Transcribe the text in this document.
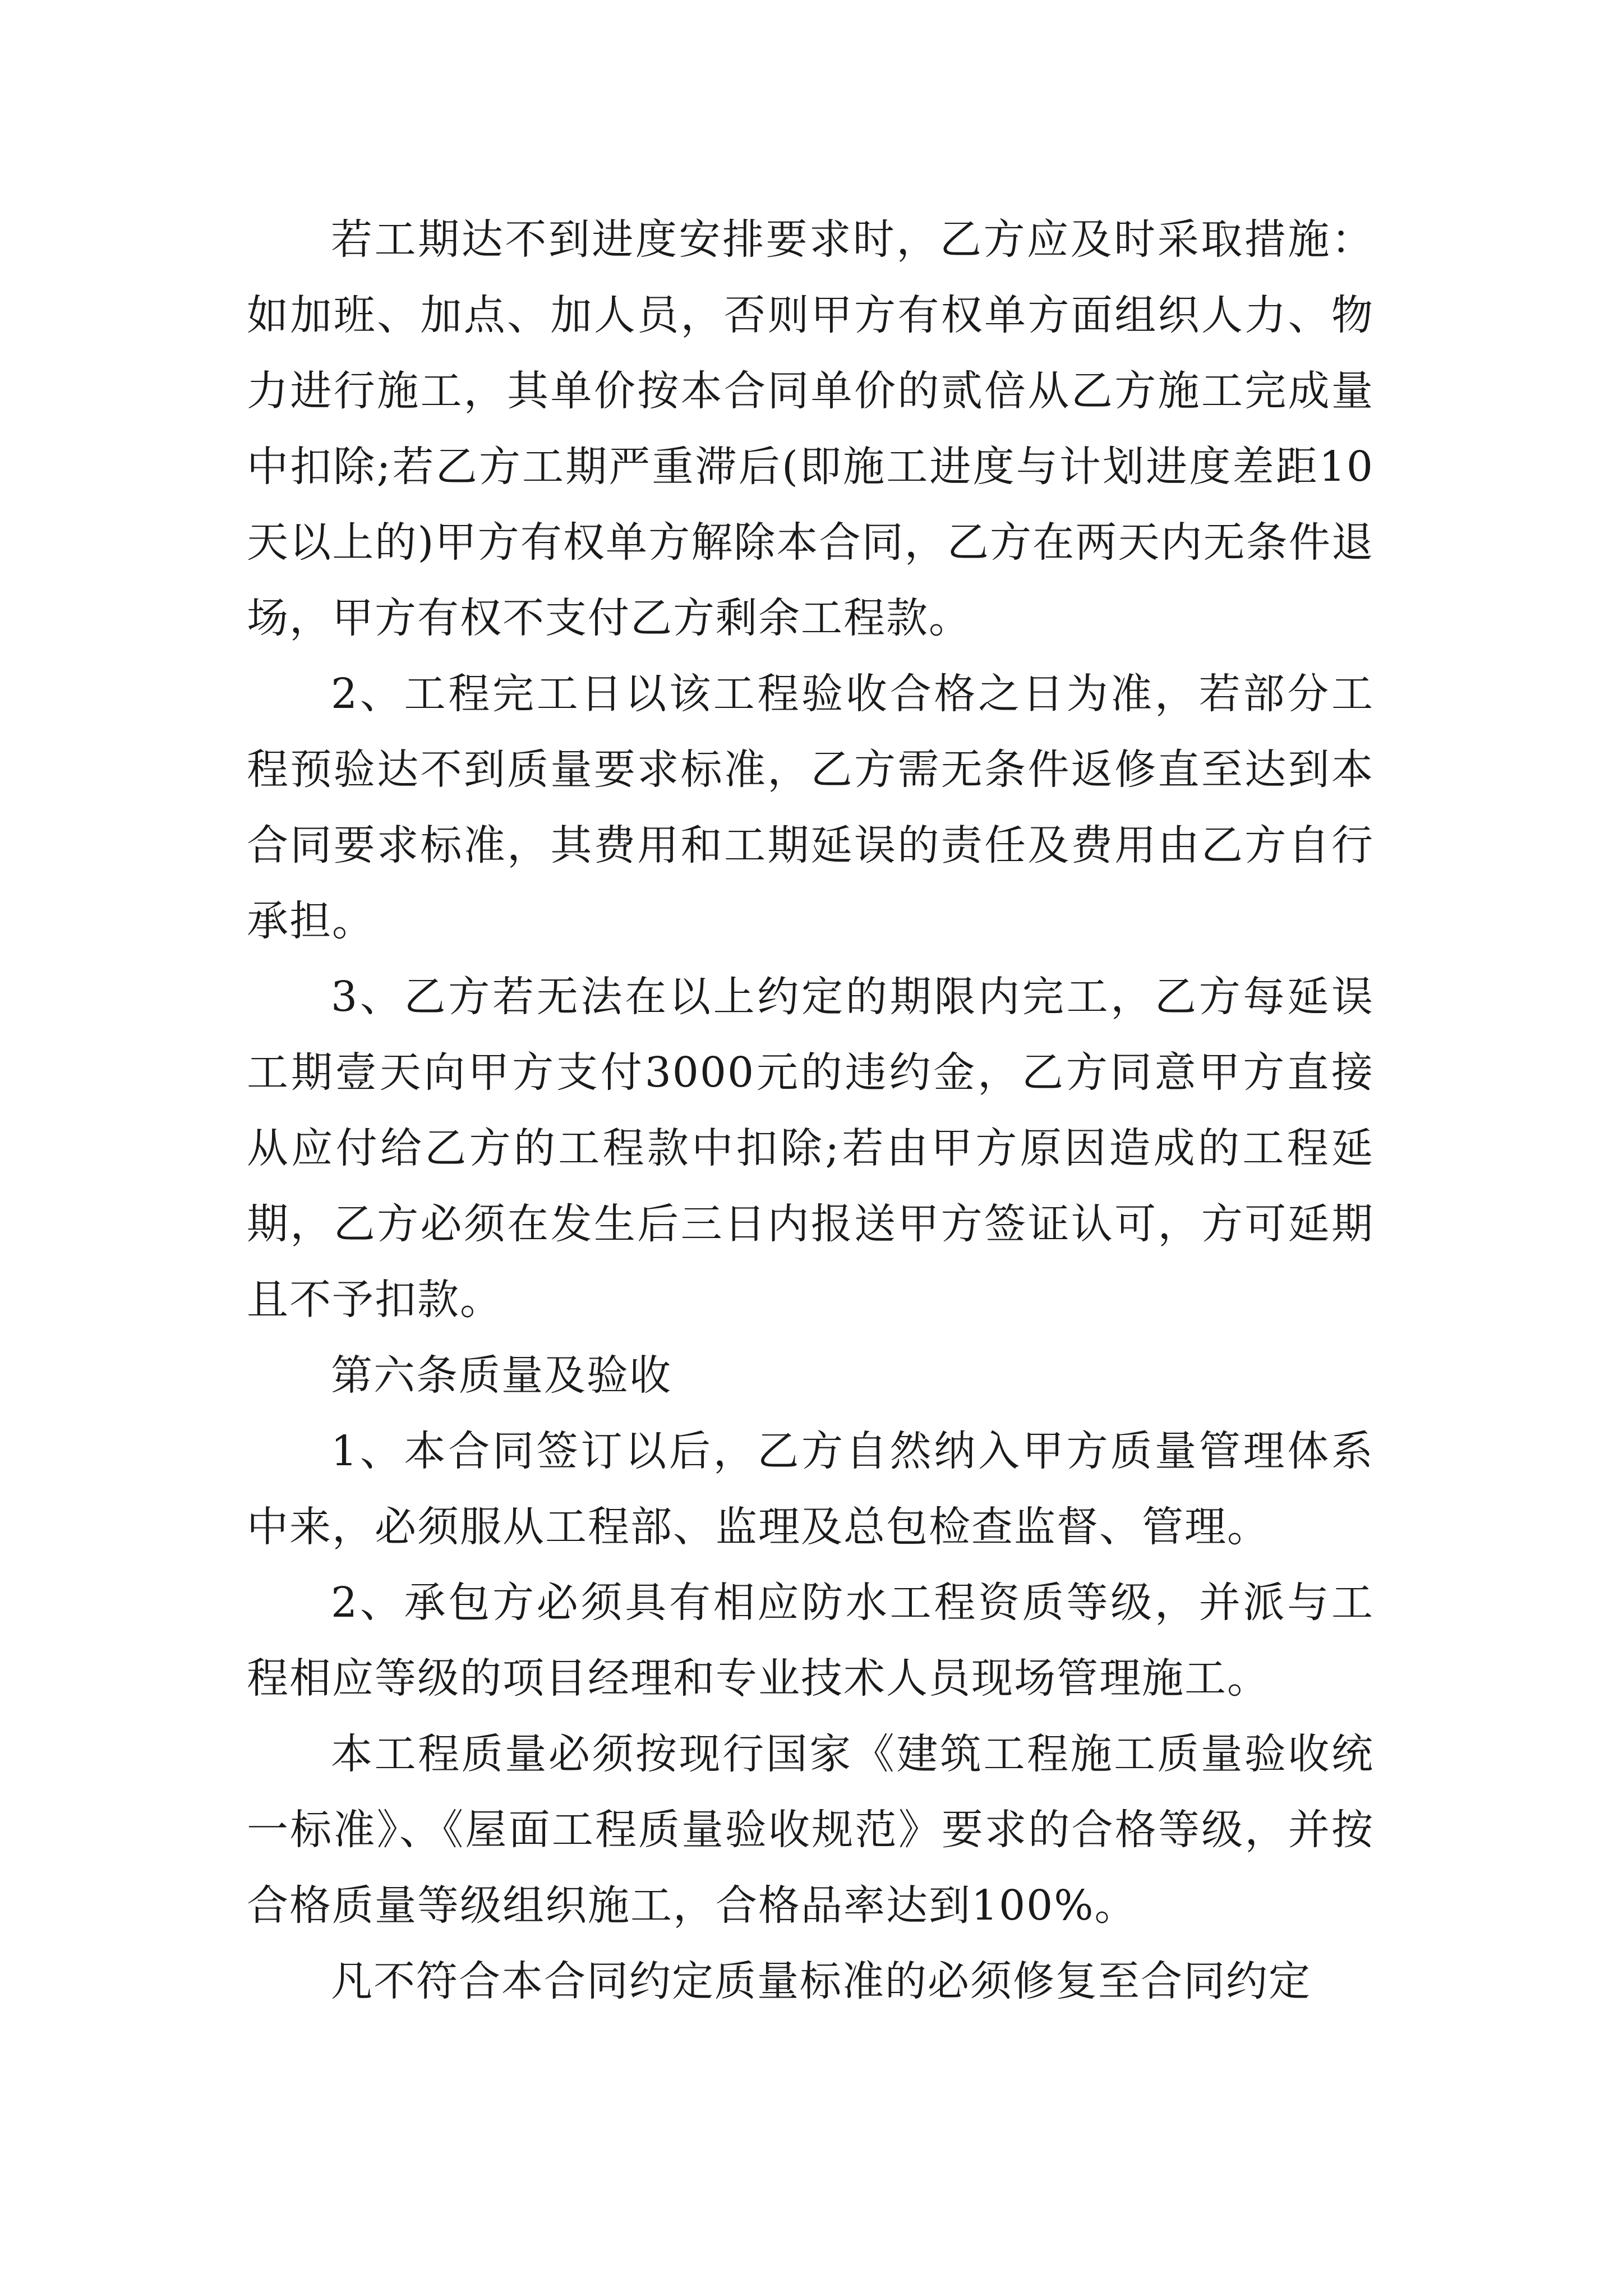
若工期达不到进度安排要求时，乙方应及时采取措施：如加班、加点、加人员，否则甲方有权单方面组织人力、物力进行施工，其单价按本合同单价的贰倍从乙方施工完成量中扣除;若乙方工期严重滞后(即施工进度与计划进度差距10天以上的)甲方有权单方解除本合同，乙方在两天内无条件退场，甲方有权不支付乙方剩余工程款。

2、工程完工日以该工程验收合格之日为准，若部分工程预验达不到质量要求标准，乙方需无条件返修直至达到本合同要求标准，其费用和工期延误的责任及费用由乙方自行承担。

3、乙方若无法在以上约定的期限内完工，乙方每延误工期壹天向甲方支付3000元的违约金，乙方同意甲方直接从应付给乙方的工程款中扣除;若由甲方原因造成的工程延期，乙方必须在发生后三日内报送甲方签证认可，方可延期且不予扣款。

第六条质量及验收

1、本合同签订以后，乙方自然纳入甲方质量管理体系中来，必须服从工程部、监理及总包检查监督、管理。

2、承包方必须具有相应防水工程资质等级，并派与工程相应等级的项目经理和专业技术人员现场管理施工。

本工程质量必须按现行国家《建筑工程施工质量验收统一标准》、《屋面工程质量验收规范》要求的合格等级，并按合格质量等级组织施工，合格品率达到100%。

凡不符合本合同约定质量标准的必须修复至合同约定
